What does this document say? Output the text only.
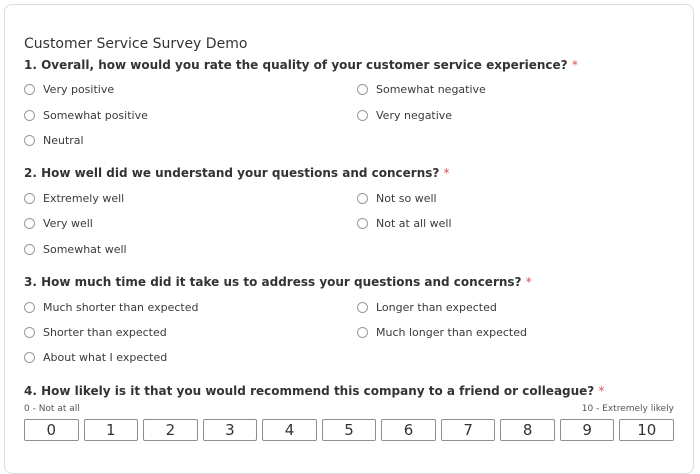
Customer Service Survey Demo
1. Overall, how would you rate the quality of your customer service experience? *
Very positive
Somewhat positive
Neutral
Somewhat negative
Very negative
2. How well did we understand your questions and concerns? *
Extremely well
Very well
Somewhat well
Not so well
Not at all well
3. How much time did it take us to address your questions and concerns? *
Much shorter than expected
Shorter than expected
About what I expected
Longer than expected
Much longer than expected
4. How likely is it that you would recommend this company to a friend or colleague? *
0 - Not at all	10 - Extremely likely
0	1	2	3	4	5	6	7	8	9	10
